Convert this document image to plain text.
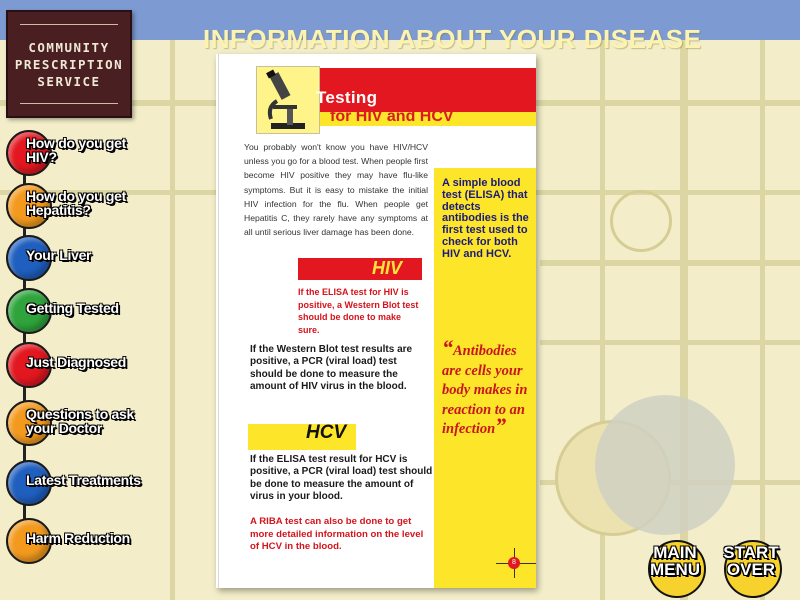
COMMUNITY
PRESCRIPTION
SERVICE
INFORMATION ABOUT YOUR DISEASE
How do you get HIV?
How do you get Hepatitis?
Your Liver
Getting Tested
Just Diagnosed
Questions to ask your Doctor
Latest Treatments
Harm Reduction
Testing
for HIV and HCV
You probably won't know you have HIV/HCV unless you go for a blood test. When people first become HIV positive they may have flu-like symptoms. But it is easy to mistake the initial HIV infection for the flu. When people get Hepatitis C, they rarely have any symptoms at all until serious liver damage has been done.
HIV
If the ELISA test for HIV is positive, a Western Blot test should be done to make sure.
If the Western Blot test results are positive, a PCR (viral load) test should be done to measure the amount of HIV virus in the blood.
HCV
If the ELISA test result for HCV is positive, a PCR (viral load) test should be done to measure the amount of virus in your blood.
A RIBA test can also be done to get more detailed information on the level of HCV in the blood.
A simple blood test (ELISA) that detects antibodies is the first test used to check for both HIV and HCV.
“Antibodies are cells your body makes in reaction to an infection”
8
MAIN MENU
START OVER
